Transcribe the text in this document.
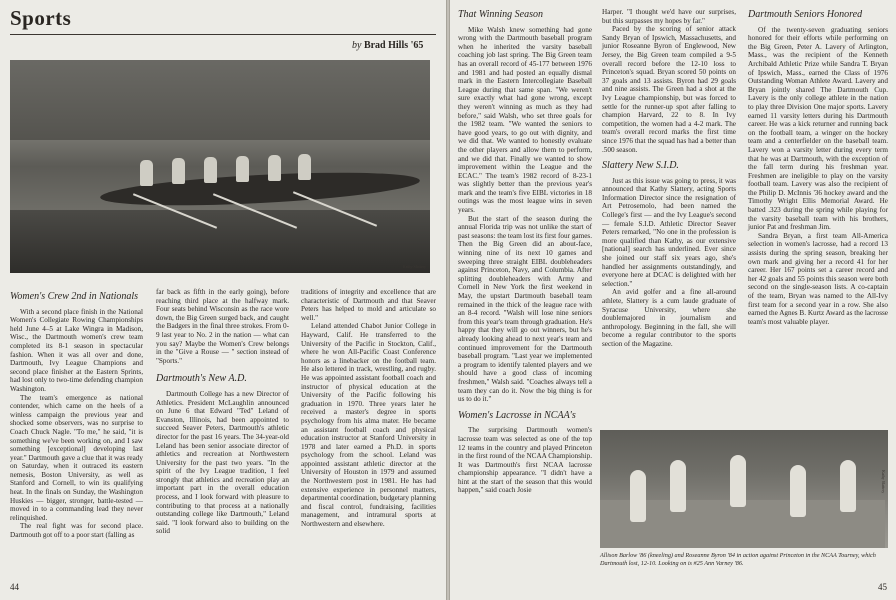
Sports
by Brad Hills '65
Kathy Slattery
Women's Crew 2nd in Nationals

With a second place finish in the National Women's Collegiate Rowing Championships held June 4–5 at Lake Wingra in Madison, Wisc., the Dartmouth women's crew team completed its 8-1 season in spectacular fashion. When it was all over and done, Dartmouth, Ivy League Champions and second place finisher at the Eastern Sprints, had lost only to two-time defending champion Washington.

The team's emergence as national contender, which came on the heels of a winless campaign the previous year and shocked some observers, was no surprise to Coach Chuck Nagle. "To me," he said, "it is something we've been working on, and I saw something [exceptional] developing last year." Dartmouth gave a clue that it was ready on Saturday, when it outraced its eastern nemesis, Boston University, as well as Stanford and Cornell, to win its qualifying heat. In the finals on Sunday, the Washington Huskies — bigger, stronger, battle-tested — moved in to a commanding lead they never relinquished.

The real fight was for second place. Dartmouth got off to a poor start (falling as

far back as fifth in the early going), before reaching third place at the halfway mark. Four seats behind Wisconsin as the race wore down, the Big Green surged back, and caught the Badgers in the final three strokes. From 0-9 last year to No. 2 in the nation — what can you say? Maybe the Women's Crew belongs in the "Give a Rouse — " section instead of "Sports."

Dartmouth's New A.D.

Dartmouth College has a new Director of Athletics. President McLaughlin announced on June 6 that Edward "Ted" Leland of Evanston, Illinois, had been appointed to succeed Seaver Peters, Dartmouth's athletic director for the past 16 years. The 34-year-old Leland has been senior associate director of athletics and recreation at Northwestern University for the past two years. "In the spirit of the Ivy League tradition, I feel strongly that athletics and recreation play an important part in the overall education process, and I look forward with pleasure to contributing to that process at a nationally outstanding college like Dartmouth," Leland said. "I look forward also to building on the solid

traditions of integrity and excellence that are characteristic of Dartmouth and that Seaver Peters has helped to mold and articulate so well."

Leland attended Chabot Junior College in Hayward, Calif. He transferred to the University of the Pacific in Stockton, Calif., where he won All-Pacific Coast Conference honors as a linebacker on the football team. He also lettered in track, wrestling, and rugby. He was appointed assistant football coach and instructor of physical education at the University of the Pacific following his graduation in 1970. Three years later he received a master's degree in sports psychology from his alma mater. He became an assistant football coach and physical education instructor at Stanford University in 1978 and later earned a Ph.D. in sports psychology from the school. Leland was appointed assistant athletic director at the University of Houston in 1979 and assumed the Northwestern post in 1981. He has had extensive experience in personnel matters, departmental coordination, budgetary planning and fiscal control, fundraising, facilities management, and intramural sports at Northwestern and elsewhere.

44
That Winning Season

Mike Walsh knew something had gone wrong with the Dartmouth baseball program when he inherited the varsity baseball coaching job last spring. The Big Green team has an overall record of 45-177 between 1976 and 1981 and had posted an equally dismal mark in the Eastern Intercollegiate Baseball League during that same span. "We weren't sure exactly what had gone wrong, except they weren't winning as much as they had before," said Walsh, who set three goals for the 1982 team. "We wanted the seniors to have good years, to go out with dignity, and we did that. We wanted to honestly evaluate the other players and allow them to perform, and we did that. Finally we wanted to show improvement within the League and the ECAC." The team's 1982 record of 8-23-1 was slightly better than the previous year's mark and the team's five EIBL victories in 18 outings was the most league wins in seven years.

But the start of the season during the annual Florida trip was not unlike the start of past seasons: the team lost its first four games. Then the Big Green did an about-face, winning nine of its next 10 games and sweeping three straight EIBL doubleheaders against Princeton, Navy, and Columbia. After splitting doubleheaders with Army and Cornell in New York the first weekend in May, the upstart Dartmouth baseball team remained in the thick of the league race with an 8-4 record. "Walsh will lose nine seniors from this year's team through graduation. He's happy that they will go out winners, but he's already looking ahead to next year's team and continued improvement for the Dartmouth baseball program. "Last year we implemented a program to identify talented players and we should have a good class of incoming freshmen," Walsh said. "Coaches always tell a team they can do it. Now the big thing is for us to do it."

Women's Lacrosse in NCAA's

The surprising Dartmouth women's lacrosse team was selected as one of the top 12 teams in the country and played Princeton in the first round of the NCAA Championship. It was Dartmouth's first NCAA lacrosse championship appearance. "I didn't have a hint at the start of the season that this would happen," said coach Josie

Harper. "I thought we'd have our surprises, but this surpasses my hopes by far."

Paced by the scoring of senior attack Sandy Bryan of Ipswich, Massachusetts, and junior Roseanne Byron of Englewood, New Jersey, the Big Green team compiled a 9-5 overall record before the 12-10 loss to Princeton's squad. Bryan scored 50 points on 37 goals and 13 assists. Byron had 29 goals and nine assists. The Green had a shot at the Ivy League championship, but was forced to settle for the runner-up spot after falling to champion Harvard, 22 to 8. In Ivy competition, the women had a 4-2 mark. The team's overall record marks the first time since 1976 that the squad has had a better than .500 season.

Slattery New S.I.D.

Just as this issue was going to press, it was announced that Kathy Slattery, acting Sports Information Director since the resignation of Art Petrosemolo, had been named the College's first — and the Ivy League's second — female S.I.D. Athletic Director Seaver Peters remarked, "No one in the profession is more qualified than Kathy, as our extensive [national] search has underlined. Ever since she joined our staff six years ago, she's handled her assignments outstandingly, and everyone here at DCAC is delighted with her selection."

An avid golfer and a fine all-around athlete, Slattery is a cum laude graduate of Syracuse University, where she doublemajored in journalism and anthropology. Beginning in the fall, she will become a regular contributor to the sports section of the Magazine.

Dartmouth Seniors Honored

Of the twenty-seven graduating seniors honored for their efforts while performing on the Big Green, Peter A. Lavery of Arlington, Mass., was the recipient of the Kenneth Archibald Athletic Prize while Sandra T. Bryan of Ipswich, Mass., earned the Class of 1976 Outstanding Woman Athlete Award. Lavery and Bryan jointly shared The Dartmouth Cup. Lavery is the only college athlete in the nation to play three Division One major sports. Lavery earned 11 varsity letters during his Dartmouth career. He was a kick returner and running back on the football team, a winger on the hockey team and a centerfielder on the baseball team. Lavery won a varsity letter during every term that he was at Dartmouth, with the exception of the fall term during his freshman year. Freshmen are ineligible to play on the varsity football team. Lavery was also the recipient of the Philip D. McInnis '36 hockey award and the Timothy Wright Ellis Memorial Award. He batted .323 during the spring while playing for the varsity baseball team with his brothers, junior Pat and freshman Jim.

Sandra Bryan, a first team All-America selection in women's lacrosse, had a record 13 assists during the spring season, breaking her own mark and giving her a record 41 for her career. Her 167 points set a career record and her 42 goals and 55 points this season were both second on the single-season lists. A co-captain of the team, Bryan was named to the All-Ivy first team for a second year in a row. She also earned the Agnes B. Kurtz Award as the lacrosse team's most valuable player.

Kathy Slattery
Allison Barlow '86 (kneeling) and Roseanne Byron '84 in action against Princeton in the NCAA Tourney, which Dartmouth lost, 12-10. Looking on is #25 Ann Varney '86.
45
